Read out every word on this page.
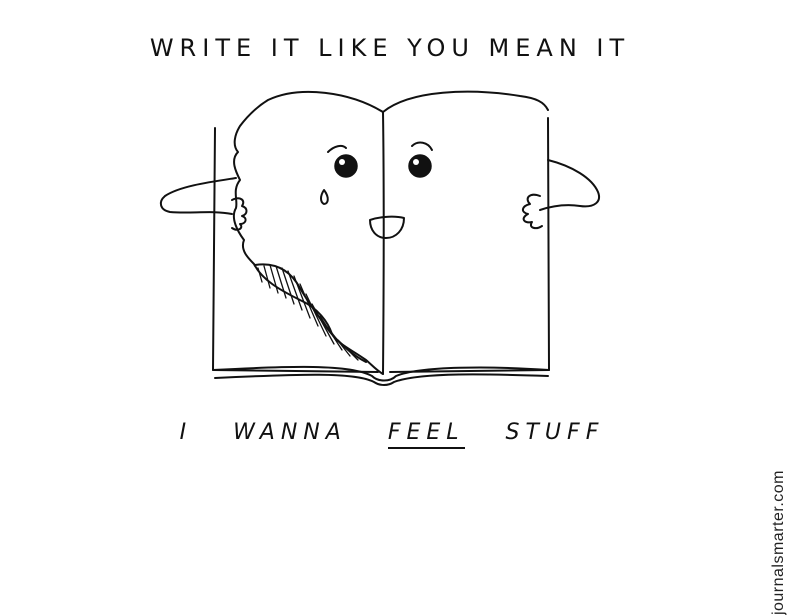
WRITE IT LIKE YOU MEAN IT
I WANNA FEEL STUFF
journalsmarter.com
